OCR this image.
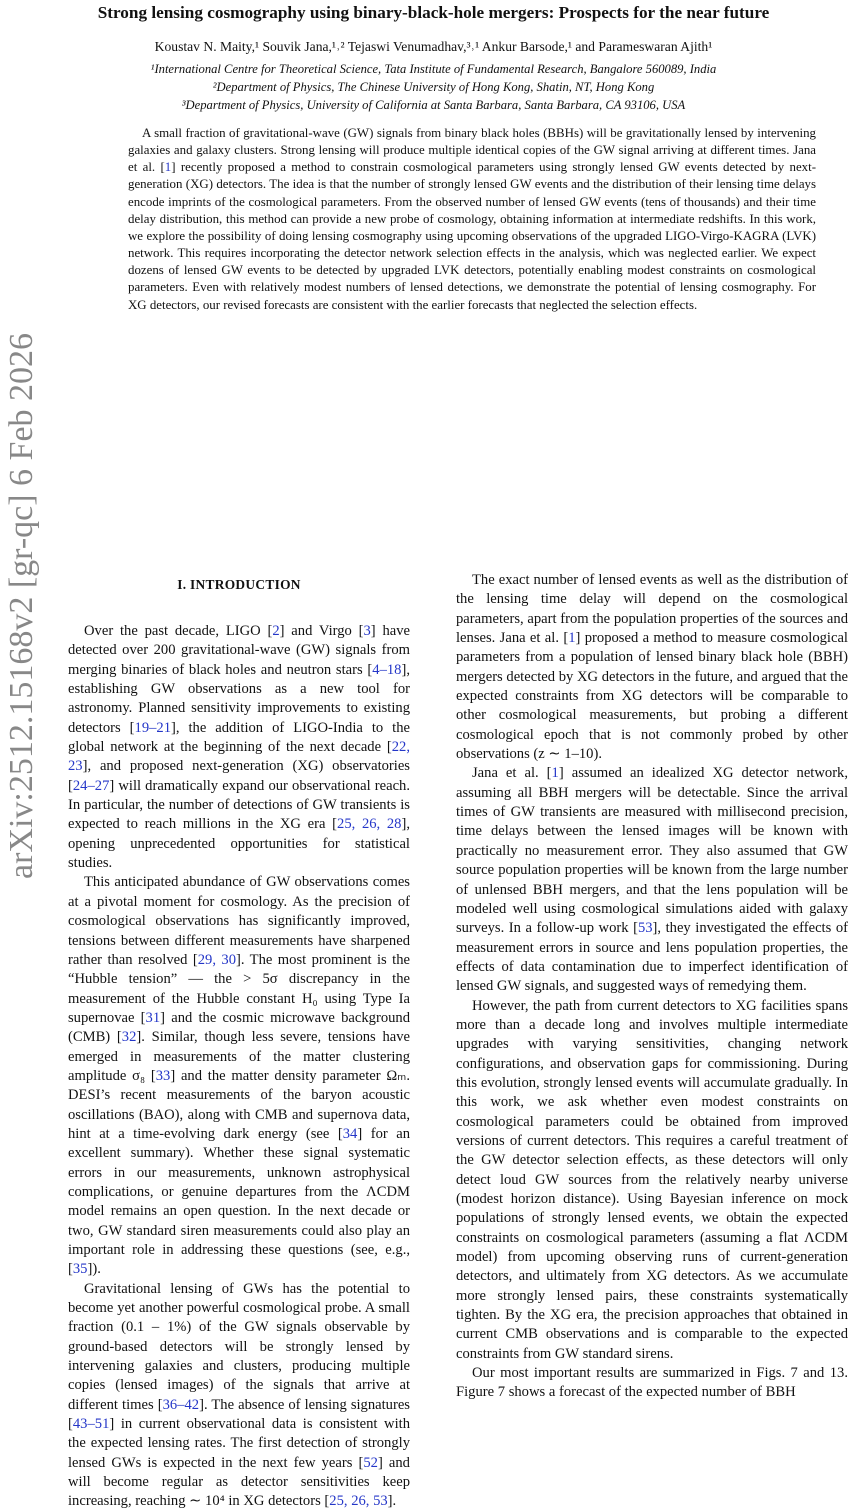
Strong lensing cosmography using binary-black-hole mergers: Prospects for the near future
Koustav N. Maity,¹ Souvik Jana,¹˒² Tejaswi Venumadhav,³˒¹ Ankur Barsode,¹ and Parameswaran Ajith¹
¹International Centre for Theoretical Science, Tata Institute of Fundamental Research, Bangalore 560089, India
²Department of Physics, The Chinese University of Hong Kong, Shatin, NT, Hong Kong
³Department of Physics, University of California at Santa Barbara, Santa Barbara, CA 93106, USA
arXiv:2512.15168v2 [gr-qc] 6 Feb 2026
A small fraction of gravitational-wave (GW) signals from binary black holes (BBHs) will be gravitationally lensed by intervening galaxies and galaxy clusters. Strong lensing will produce multiple identical copies of the GW signal arriving at different times. Jana et al. [1] recently proposed a method to constrain cosmological parameters using strongly lensed GW events detected by next-generation (XG) detectors. The idea is that the number of strongly lensed GW events and the distribution of their lensing time delays encode imprints of the cosmological parameters. From the observed number of lensed GW events (tens of thousands) and their time delay distribution, this method can provide a new probe of cosmology, obtaining information at intermediate redshifts. In this work, we explore the possibility of doing lensing cosmography using upcoming observations of the upgraded LIGO-Virgo-KAGRA (LVK) network. This requires incorporating the detector network selection effects in the analysis, which was neglected earlier. We expect dozens of lensed GW events to be detected by upgraded LVK detectors, potentially enabling modest constraints on cosmological parameters. Even with relatively modest numbers of lensed detections, we demonstrate the potential of lensing cosmography. For XG detectors, our revised forecasts are consistent with the earlier forecasts that neglected the selection effects.
I. INTRODUCTION

Over the past decade, LIGO [2] and Virgo [3] have detected over 200 gravitational-wave (GW) signals from merging binaries of black holes and neutron stars [4–18], establishing GW observations as a new tool for astronomy. Planned sensitivity improvements to existing detectors [19–21], the addition of LIGO-India to the global network at the beginning of the next decade [22, 23], and proposed next-generation (XG) observatories [24–27] will dramatically expand our observational reach. In particular, the number of detections of GW transients is expected to reach millions in the XG era [25, 26, 28], opening unprecedented opportunities for statistical studies.

This anticipated abundance of GW observations comes at a pivotal moment for cosmology. As the precision of cosmological observations has significantly improved, tensions between different measurements have sharpened rather than resolved [29, 30]. The most prominent is the “Hubble tension” — the > 5σ discrepancy in the measurement of the Hubble constant H₀ using Type Ia supernovae [31] and the cosmic microwave background (CMB) [32]. Similar, though less severe, tensions have emerged in measurements of the matter clustering amplitude σ₈ [33] and the matter density parameter Ωₘ. DESI’s recent measurements of the baryon acoustic oscillations (BAO), along with CMB and supernova data, hint at a time-evolving dark energy (see [34] for an excellent summary). Whether these signal systematic errors in our measurements, unknown astrophysical complications, or genuine departures from the ΛCDM model remains an open question. In the next decade or two, GW standard siren measurements could also play an important role in addressing these questions (see, e.g., [35]).

Gravitational lensing of GWs has the potential to become yet another powerful cosmological probe. A small fraction (0.1 – 1%) of the GW signals observable by ground-based detectors will be strongly lensed by intervening galaxies and clusters, producing multiple copies (lensed images) of the signals that arrive at different times [36–42]. The absence of lensing signatures [43–51] in current observational data is consistent with the expected lensing rates. The first detection of strongly lensed GWs is expected in the next few years [52] and will become regular as detector sensitivities keep increasing, reaching ∼ 10⁴ in XG detectors [25, 26, 53].

The exact number of lensed events as well as the distribution of the lensing time delay will depend on the cosmological parameters, apart from the population properties of the sources and lenses. Jana et al. [1] proposed a method to measure cosmological parameters from a population of lensed binary black hole (BBH) mergers detected by XG detectors in the future, and argued that the expected constraints from XG detectors will be comparable to other cosmological measurements, but probing a different cosmological epoch that is not commonly probed by other observations (z ∼ 1–10).

Jana et al. [1] assumed an idealized XG detector network, assuming all BBH mergers will be detectable. Since the arrival times of GW transients are measured with millisecond precision, time delays between the lensed images will be known with practically no measurement error. They also assumed that GW source population properties will be known from the large number of unlensed BBH mergers, and that the lens population will be modeled well using cosmological simulations aided with galaxy surveys. In a follow-up work [53], they investigated the effects of measurement errors in source and lens population properties, the effects of data contamination due to imperfect identification of lensed GW signals, and suggested ways of remedying them.

However, the path from current detectors to XG facilities spans more than a decade long and involves multiple intermediate upgrades with varying sensitivities, changing network configurations, and observation gaps for commissioning. During this evolution, strongly lensed events will accumulate gradually. In this work, we ask whether even modest constraints on cosmological parameters could be obtained from improved versions of current detectors. This requires a careful treatment of the GW detector selection effects, as these detectors will only detect loud GW sources from the relatively nearby universe (modest horizon distance). Using Bayesian inference on mock populations of strongly lensed events, we obtain the expected constraints on cosmological parameters (assuming a flat ΛCDM model) from upcoming observing runs of current-generation detectors, and ultimately from XG detectors. As we accumulate more strongly lensed pairs, these constraints systematically tighten. By the XG era, the precision approaches that obtained in current CMB observations and is comparable to the expected constraints from GW standard sirens.

Our most important results are summarized in Figs. 7 and 13. Figure 7 shows a forecast of the expected number of BBH
